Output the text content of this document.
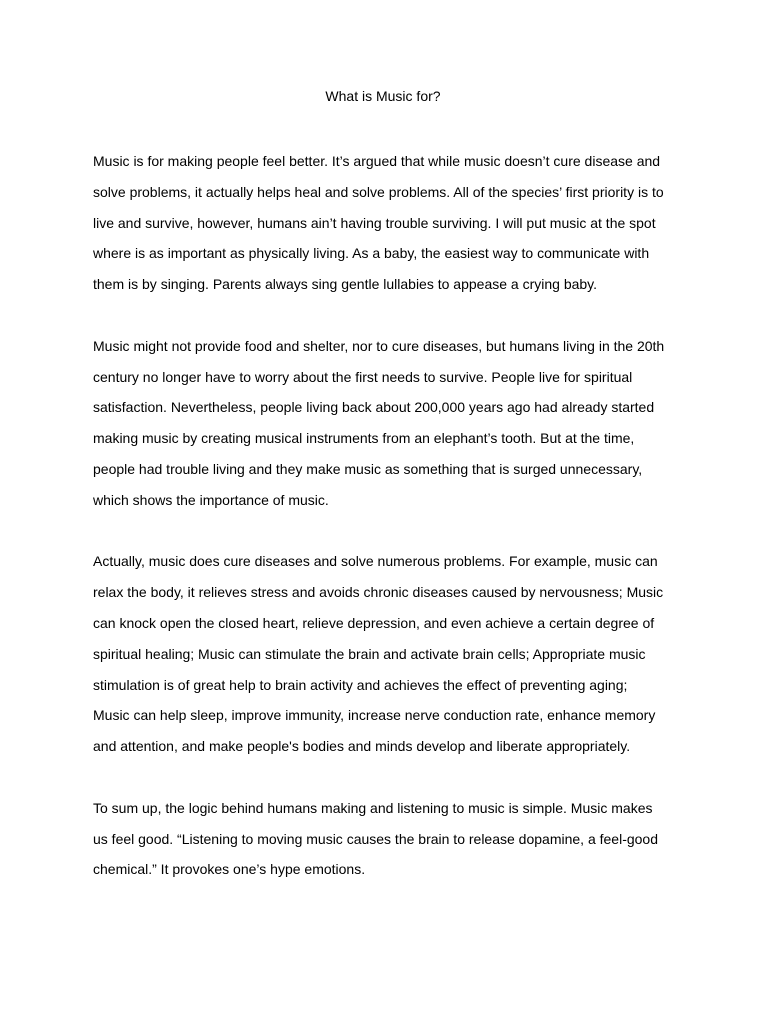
What is Music for?

Music is for making people feel better. It’s argued that while music doesn’t cure disease and
solve problems, it actually helps heal and solve problems. All of the species’ first priority is to
live and survive, however, humans ain’t having trouble surviving. I will put music at the spot
where is as important as physically living. As a baby, the easiest way to communicate with
them is by singing. Parents always sing gentle lullabies to appease a crying baby.

Music might not provide food and shelter, nor to cure diseases, but humans living in the 20th
century no longer have to worry about the first needs to survive. People live for spiritual
satisfaction. Nevertheless, people living back about 200,000 years ago had already started
making music by creating musical instruments from an elephant’s tooth. But at the time,
people had trouble living and they make music as something that is surged unnecessary,
which shows the importance of music.

Actually, music does cure diseases and solve numerous problems. For example, music can
relax the body, it relieves stress and avoids chronic diseases caused by nervousness; Music
can knock open the closed heart, relieve depression, and even achieve a certain degree of
spiritual healing; Music can stimulate the brain and activate brain cells; Appropriate music
stimulation is of great help to brain activity and achieves the effect of preventing aging;
Music can help sleep, improve immunity, increase nerve conduction rate, enhance memory
and attention, and make people's bodies and minds develop and liberate appropriately.

To sum up, the logic behind humans making and listening to music is simple. Music makes
us feel good. “Listening to moving music causes the brain to release dopamine, a feel-good
chemical.” It provokes one’s hype emotions.
